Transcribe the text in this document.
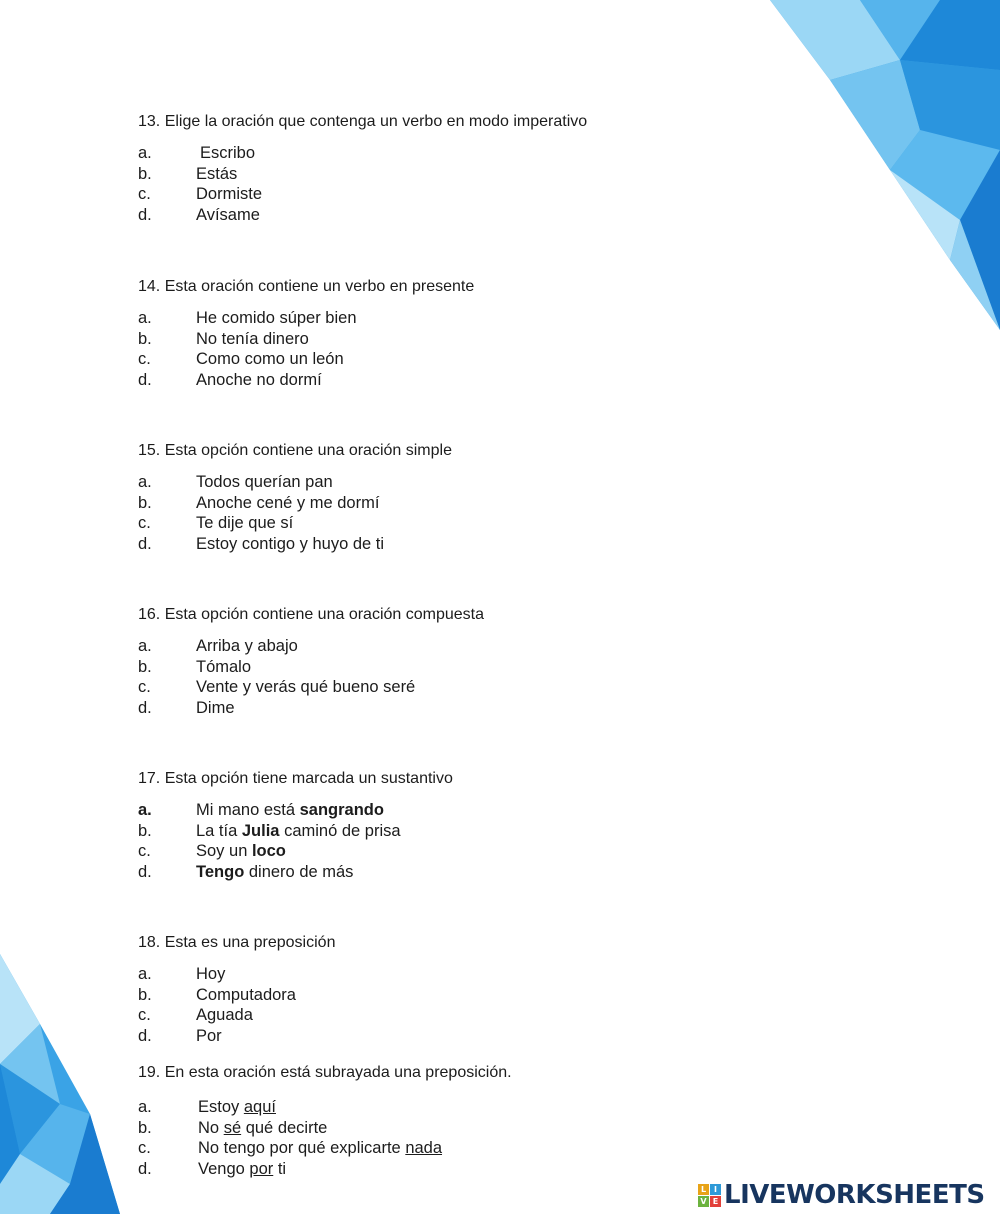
13. Elige la oración que contenga un verbo en modo imperativo
a.	Escribo
b.	Estás
c.	Dormiste
d.	Avísame
14. Esta oración contiene un verbo en presente
a.	He comido súper bien
b.	No tenía dinero
c.	Como como un león
d.	Anoche no dormí
15. Esta opción contiene una oración simple
a.	Todos querían pan
b.	Anoche cené y me dormí
c.	Te dije que sí
d.	Estoy contigo y huyo de ti
16. Esta opción contiene una oración compuesta
a.	Arriba y abajo
b.	Tómalo
c.	Vente y verás qué bueno seré
d.	Dime
17. Esta opción tiene marcada un sustantivo
a.	Mi mano está sangrando
b.	La tía Julia caminó de prisa
c.	Soy un loco
d.	Tengo dinero de más
18. Esta es una preposición
a.	Hoy
b.	Computadora
c.	Aguada
d.	Por
19. En esta oración está subrayada una preposición.
a.	Estoy aquí
b.	No sé qué decirte
c.	No tengo por qué explicarte nada
d.	Vengo por ti
L I
V E LIVEWORKSHEETS
